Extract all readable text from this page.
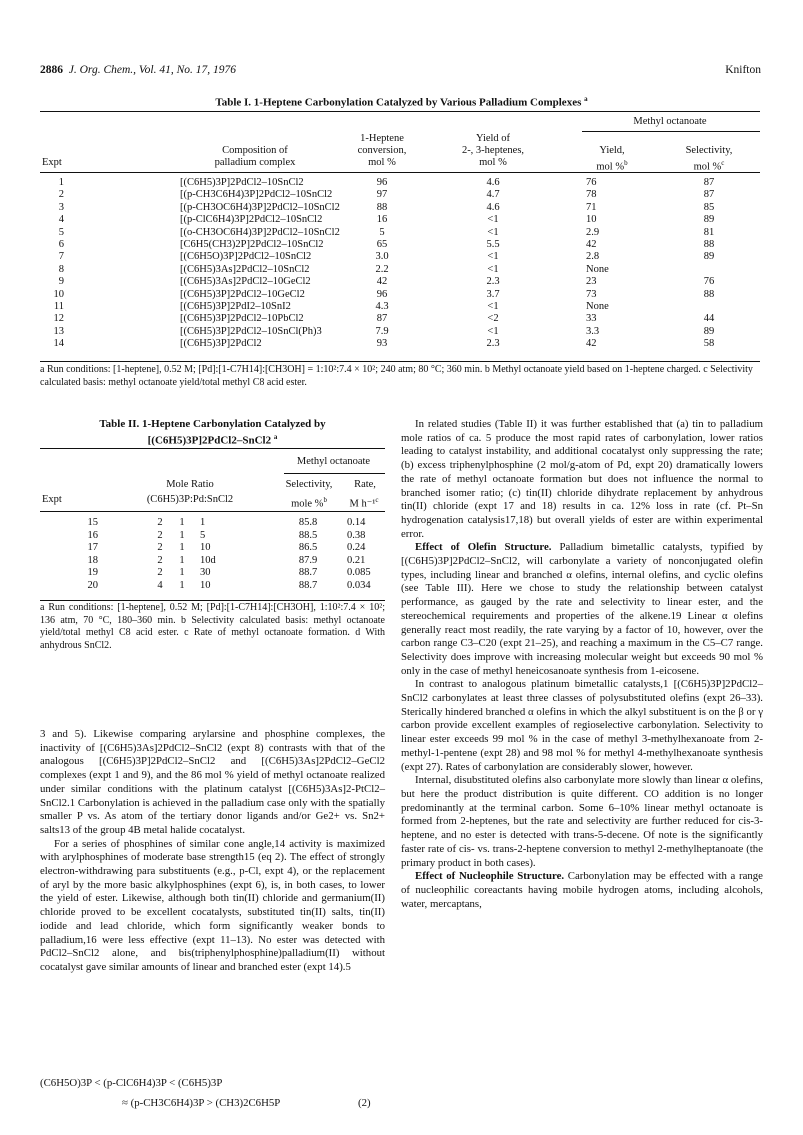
2886 J. Org. Chem., Vol. 41, No. 17, 1976	Knifton
Table I. 1-Heptene Carbonylation Catalyzed by Various Palladium Complexes $^a$
Methyl octanoate
1-Heptene	Yield of
Composition of	conversion,	2-, 3-heptenes,	Yield,	Selectivity,
Expt	palladium complex	mol %	mol %	mol %$^b$	mol %$^c$
1	[(C6H5)3P]2PdCl2–10SnCl2	96	4.6	76	87
2	[(p-CH3C6H4)3P]2PdCl2–10SnCl2	97	4.7	78	87
3	[(p-CH3OC6H4)3P]2PdCl2–10SnCl2	88	4.6	71	85
4	[(p-ClC6H4)3P]2PdCl2–10SnCl2	16	<1	10	89
5	[(o-CH3OC6H4)3P]2PdCl2–10SnCl2	5	<1	2.9	81
6	[C6H5(CH3)2P]2PdCl2–10SnCl2	65	5.5	42	88
7	[(C6H5O)3P]2PdCl2–10SnCl2	3.0	<1	2.8	89
8	[(C6H5)3As]2PdCl2–10SnCl2	2.2	<1	None
9	[(C6H5)3As]2PdCl2–10GeCl2	42	2.3	23	76
10	[(C6H5)3P]2PdCl2–10GeCl2	96	3.7	73	88
11	[(C6H5)3P]2PdI2–10SnI2	4.3	<1	None
12	[(C6H5)3P]2PdCl2–10PbCl2	87	<2	33	44
13	[(C6H5)3P]2PdCl2–10SnCl(Ph)3	7.9	<1	3.3	89
14	[(C6H5)3P]2PdCl2	93	2.3	42	58
a Run conditions: [1-heptene], 0.52 M; [Pd]:[1-C7H14]:[CH3OH] = 1:10²:7.4 × 10²; 240 atm; 80 °C; 360 min. b Methyl octanoate yield based on 1-heptene charged. c Selectivity calculated basis: methyl octanoate yield/total methyl C8 acid ester.
Table II. 1-Heptene Carbonylation Catalyzed by
[(C6H5)3P]2PdCl2–SnCl2 $^a$
Methyl octanoate
Mole Ratio	Selectivity,	Rate,
Expt	(C6H5)3P:Pd:SnCl2	mole %$^b$	M h⁻¹$^c$
15	2	1	1	85.8	0.14
16	2	1	5	88.5	0.38
17	2	1	10	86.5	0.24
18	2	1	10d	87.9	0.21
19	2	1	30	88.7	0.085
20	4	1	10	88.7	0.034
a Run conditions: [1-heptene], 0.52 M; [Pd]:[1-C7H14]:[CH3OH], 1:10²:7.4 × 10²; 136 atm, 70 °C, 180–360 min. b Selectivity calculated basis: methyl octanoate yield/total methyl C8 acid ester. c Rate of methyl octanoate formation. d With anhydrous SnCl2.

3 and 5). Likewise comparing arylarsine and phosphine complexes, the inactivity of [(C6H5)3As]2PdCl2–SnCl2 (expt 8) contrasts with that of the analogous [(C6H5)3P]2PdCl2–SnCl2 and [(C6H5)3As]2PdCl2–GeCl2 complexes (expt 1 and 9), and the 86 mol % yield of methyl octanoate realized under similar conditions with the platinum catalyst [(C6H5)3As]2-PtCl2–SnCl2.1 Carbonylation is achieved in the palladium case only with the spatially smaller P vs. As atom of the tertiary donor ligands and/or Ge2+ vs. Sn2+ salts13 of the group 4B metal halide cocatalyst.

For a series of phosphines of similar cone angle,14 activity is maximized with arylphosphines of moderate base strength15 (eq 2). The effect of strongly electron-withdrawing para substituents (e.g., p-Cl, expt 4), or the replacement of aryl by the more basic alkylphosphines (expt 6), is, in both cases, to lower the yield of ester. Likewise, although both tin(II) chloride and germanium(II) chloride proved to be excellent cocatalysts, substituted tin(II) salts, tin(II) iodide and lead chloride, which form significantly weaker bonds to palladium,16 were less effective (expt 11–13). No ester was detected with PdCl2–SnCl2 alone, and bis(triphenylphosphine)palladium(II) without cocatalyst gave similar amounts of linear and branched ester (expt 14).5

(C6H5O)3P < (p-ClC6H4)3P < (C6H5)3P
≈ (p-CH3C6H4)3P > (CH3)2C6H5P	(2)

In related studies (Table II) it was further established that (a) tin to palladium mole ratios of ca. 5 produce the most rapid rates of carbonylation, lower ratios leading to catalyst instability, and additional cocatalyst only suppressing the rate; (b) excess triphenylphosphine (2 mol/g-atom of Pd, expt 20) dramatically lowers the rate of methyl octanoate formation but does not influence the normal to branched isomer ratio; (c) tin(II) chloride dihydrate replacement by anhydrous tin(II) chloride (expt 17 and 18) results in ca. 12% loss in rate (cf. Pt–Sn hydrogenation catalysis17,18) but overall yields of ester are within experimental error.

Effect of Olefin Structure. Palladium bimetallic catalysts, typified by [(C6H5)3P]2PdCl2–SnCl2, will carbonylate a variety of nonconjugated olefin types, including linear and branched α olefins, internal olefins, and cyclic olefins (see Table III). Here we chose to study the relationship between catalyst performance, as gauged by the rate and selectivity to linear ester, and the stereochemical requirements and properties of the alkene.19 Linear α olefins generally react most readily, the rate varying by a factor of 10, however, over the carbon range C3–C20 (expt 21–25), and reaching a maximum in the C5–C7 range. Selectivity does improve with increasing molecular weight but exceeds 90 mol % only in the case of methyl heneicosanoate synthesis from 1-eicosene.

In contrast to analogous platinum bimetallic catalysts,1 [(C6H5)3P]2PdCl2–SnCl2 carbonylates at least three classes of polysubstituted olefins (expt 26–33). Sterically hindered branched α olefins in which the alkyl substituent is on the β or γ carbon provide excellent examples of regioselective carbonylation. Selectivity to linear ester exceeds 99 mol % in the case of methyl 3-methylhexanoate from 2-methyl-1-pentene (expt 28) and 98 mol % for methyl 4-methylhexanoate synthesis (expt 27). Rates of carbonylation are considerably slower, however.

Internal, disubstituted olefins also carbonylate more slowly than linear α olefins, but here the product distribution is quite different. CO addition is no longer predominantly at the terminal carbon. Some 6–10% linear methyl octanoate is formed from 2-heptenes, but the rate and selectivity are further reduced for cis-3-heptene, and no ester is detected with trans-5-decene. Of note is the significantly faster rate of cis- vs. trans-2-heptene conversion to methyl 2-methylheptanoate (the primary product in both cases).

Effect of Nucleophile Structure. Carbonylation may be effected with a range of nucleophilic coreactants having mobile hydrogen atoms, including alcohols, water, mercaptans,
